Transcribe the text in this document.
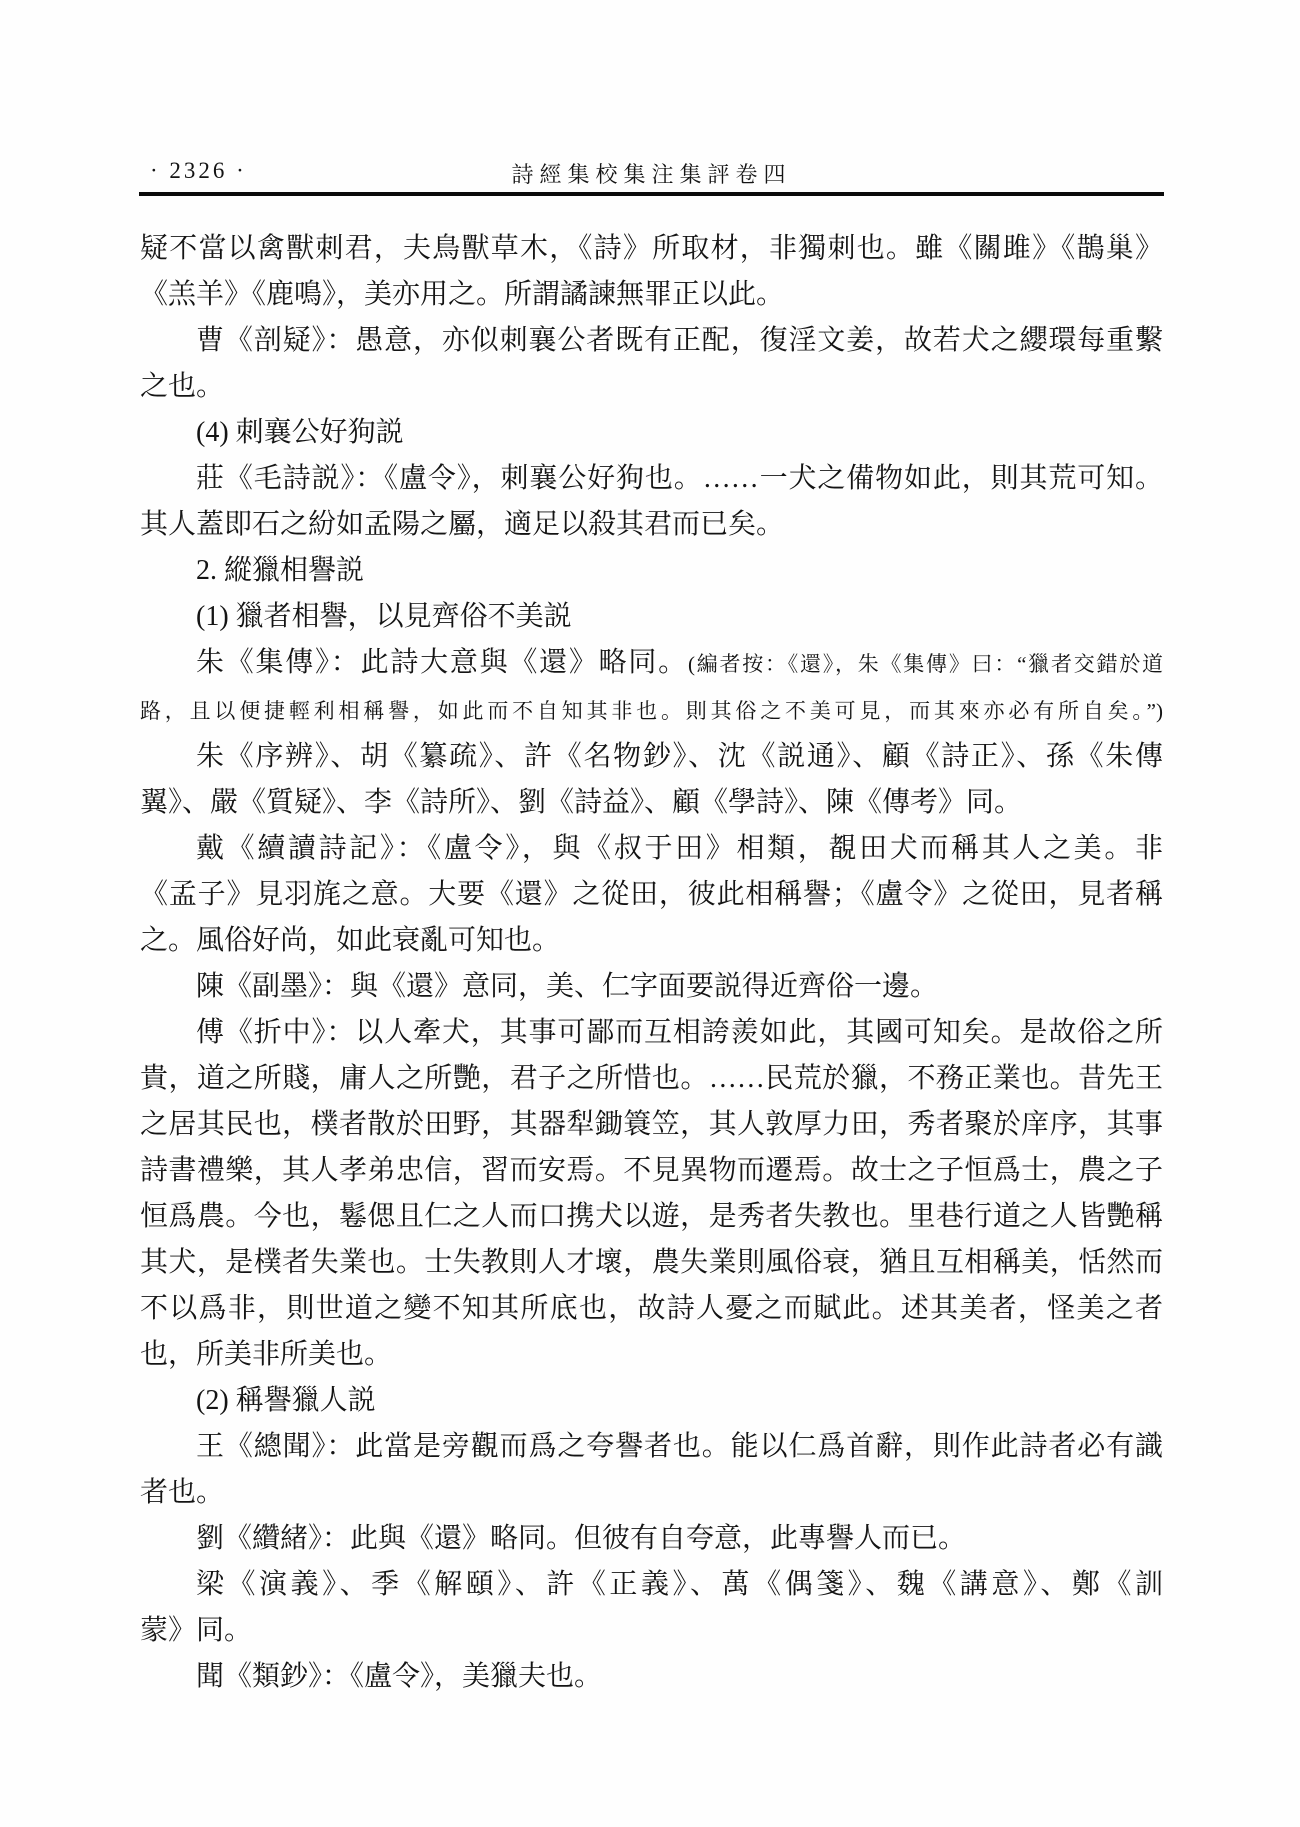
· 2326 ·	詩經集校集注集評卷四
疑不當以禽獸刺君，夫鳥獸草木，《詩》所取材，非獨刺也。雖《關雎》《鵲巢》
《羔羊》《鹿鳴》，美亦用之。所謂譎諫無罪正以此。
曹《剖疑》：愚意，亦似刺襄公者既有正配，復淫文姜，故若犬之纓環每重繫
之也。
(4) 刺襄公好狗説
莊《毛詩説》：《盧令》，刺襄公好狗也。……一犬之備物如此，則其荒可知。
其人蓋即石之紛如孟陽之屬，適足以殺其君而已矣。
2. 縱獵相譽説
(1) 獵者相譽，以見齊俗不美説
朱《集傳》：此詩大意與《還》略同。(編者按：《還》，朱《集傳》曰：“獵者交錯於道
路，且以便捷輕利相稱譽，如此而不自知其非也。則其俗之不美可見，而其來亦必有所自矣。”)
朱《序辨》、胡《纂疏》、許《名物鈔》、沈《説通》、顧《詩正》、孫《朱傳
翼》、嚴《質疑》、李《詩所》、劉《詩益》、顧《學詩》、陳《傳考》同。
戴《續讀詩記》：《盧令》，與《叔于田》相類，覩田犬而稱其人之美。非
《孟子》見羽旄之意。大要《還》之從田，彼此相稱譽；《盧令》之從田，見者稱
之。風俗好尚，如此衰亂可知也。
陳《副墨》：與《還》意同，美、仁字面要説得近齊俗一邊。
傅《折中》：以人牽犬，其事可鄙而互相誇羨如此，其國可知矣。是故俗之所
貴，道之所賤，庸人之所艷，君子之所惜也。……民荒於獵，不務正業也。昔先王
之居其民也，樸者散於田野，其器犁鋤簑笠，其人敦厚力田，秀者聚於庠序，其事
詩書禮樂，其人孝弟忠信，習而安焉。不見異物而遷焉。故士之子恒爲士，農之子
恒爲農。今也，鬈偲且仁之人而口携犬以遊，是秀者失教也。里巷行道之人皆艷稱
其犬，是樸者失業也。士失教則人才壞，農失業則風俗衰，猶且互相稱美，恬然而
不以爲非，則世道之變不知其所底也，故詩人憂之而賦此。述其美者，怪美之者
也，所美非所美也。
(2) 稱譽獵人説
王《總聞》：此當是旁觀而爲之夸譽者也。能以仁爲首辭，則作此詩者必有識
者也。
劉《纘緒》：此與《還》略同。但彼有自夸意，此專譽人而已。
梁《演義》、季《解頤》、許《正義》、萬《偶箋》、魏《講意》、鄭《訓
蒙》同。
聞《類鈔》：《盧令》，美獵夫也。
